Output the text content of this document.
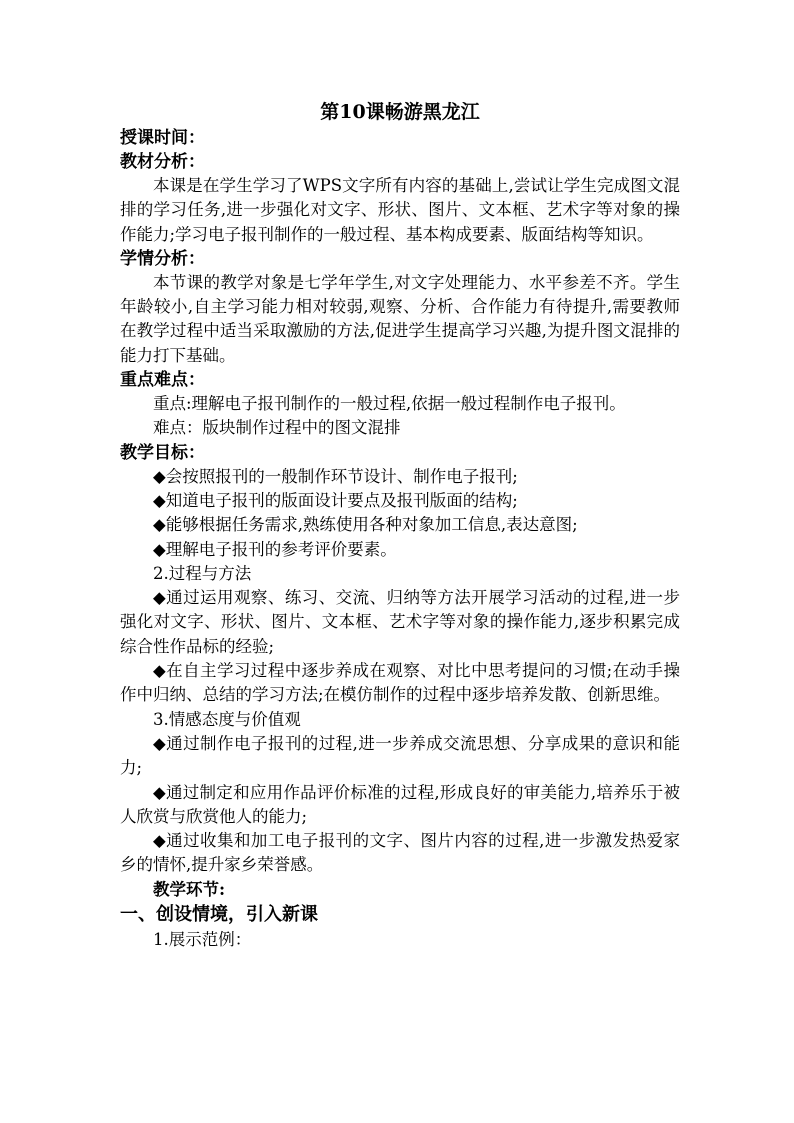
第10课畅游黑龙江
授课时间：
教材分析：
本课是在学生学习了WPS文字所有内容的基础上,尝试让学生完成图文混排的学习任务,进一步强化对文字、形状、图片、文本框、艺术字等对象的操作能力;学习电子报刊制作的一般过程、基本构成要素、版面结构等知识。
学情分析：
本节课的教学对象是七学年学生,对文字处理能力、水平参差不齐。学生年龄较小,自主学习能力相对较弱,观察、分析、合作能力有待提升,需要教师在教学过程中适当采取激励的方法,促进学生提高学习兴趣,为提升图文混排的能力打下基础。
重点难点：
重点:理解电子报刊制作的一般过程,依据一般过程制作电子报刊。
难点：版块制作过程中的图文混排
教学目标：
◆会按照报刊的一般制作环节设计、制作电子报刊;
◆知道电子报刊的版面设计要点及报刊版面的结构;
◆能够根据任务需求,熟练使用各种对象加工信息,表达意图;
◆理解电子报刊的参考评价要素。
2.过程与方法
◆通过运用观察、练习、交流、归纳等方法开展学习活动的过程,进一步强化对文字、形状、图片、文本框、艺术字等对象的操作能力,逐步积累完成综合性作品标的经验;
◆在自主学习过程中逐步养成在观察、对比中思考提问的习惯;在动手操作中归纳、总结的学习方法;在模仿制作的过程中逐步培养发散、创新思维。
3.情感态度与价值观
◆通过制作电子报刊的过程,进一步养成交流思想、分享成果的意识和能力;
◆通过制定和应用作品评价标准的过程,形成良好的审美能力,培养乐于被人欣赏与欣赏他人的能力;
◆通过收集和加工电子报刊的文字、图片内容的过程,进一步激发热爱家乡的情怀,提升家乡荣誉感。
教学环节:
一、创设情境，引入新课
1.展示范例：
